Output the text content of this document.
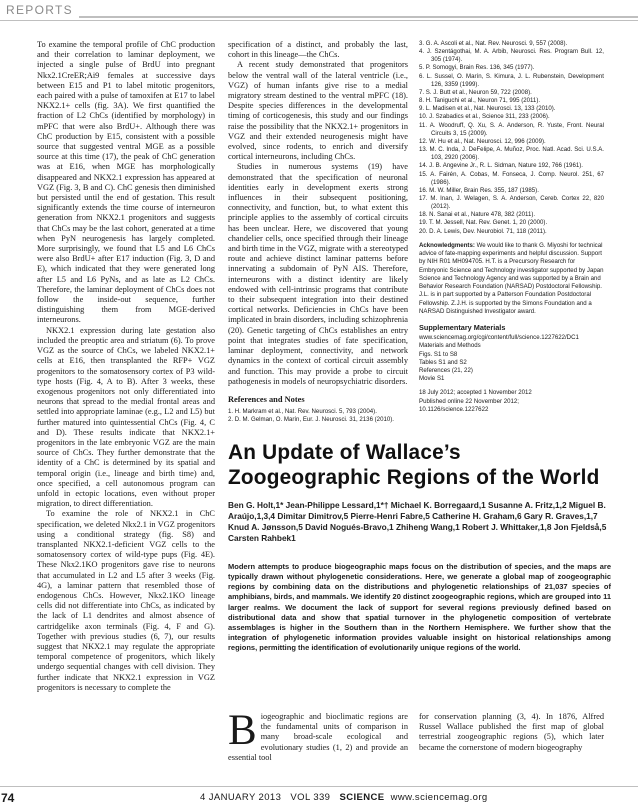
REPORTS

To examine the temporal profile of ChC production and their correlation to laminar deployment, we injected a single pulse of BrdU into pregnant Nkx2.1CreER;Ai9 females at successive days between E15 and P1 to label mitotic progenitors, each paired with a pulse of tamoxifen at E17 to label NKX2.1+ cells (fig. 3A). We first quantified the fraction of L2 ChCs (identified by morphology) in mPFC that were also BrdU+. Although there was ChC production by E15, consistent with a possible source that suggested ventral MGE as a possible source at this time (17), the peak of ChC generation was at E16, when MGE has morphologically disappeared and NKX2.1 expression has appeared at VGZ (Fig. 3, B and C). ChC genesis then diminished but persisted until the end of gestation. This result significantly extends the time course of interneuron generation from NKX2.1 progenitors and suggests that ChCs may be the last cohort, generated at a time when PyN neurogenesis has largely completed. More surprisingly, we found that L5 and L6 ChCs were also BrdU+ after E17 induction (Fig. 3, D and E), which indicated that they were generated long after L5 and L6 PyNs, and as late as L2 ChCs. Therefore, the laminar deployment of ChCs does not follow the inside-out sequence, further distinguishing them from MGE-derived interneurons.

NKX2.1 expression during late gestation also included the preoptic area and striatum (6). To prove VGZ as the source of ChCs, we labeled NKX2.1+ cells at E16, then transplanted the RFP+ VGZ progenitors to the somatosensory cortex of P3 wild-type hosts (Fig. 4, A to B). After 3 weeks, these exogenous progenitors not only differentiated into neurons that spread to the medial frontal areas and settled into appropriate laminae (e.g., L2 and L5) but further matured into quintessential ChCs (Fig. 4, C and D). These results indicate that NKX2.1+ progenitors in the late embryonic VGZ are the main source of ChCs. They further demonstrate that the identity of a ChC is determined by its spatial and temporal origin (i.e., lineage and birth time) and, once specified, a cell autonomous program can unfold in ectopic locations, even without proper migration, to direct differentiation.

To examine the role of NKX2.1 in ChC specification, we deleted Nkx2.1 in VGZ progenitors using a conditional strategy (fig. S8) and transplanted NKX2.1-deficient VGZ cells to the somatosensory cortex of wild-type pups (Fig. 4E). These Nkx2.1KO progenitors gave rise to neurons that accumulated in L2 and L5 after 3 weeks (Fig. 4G), a laminar pattern that resembled those of endogenous ChCs. However, Nkx2.1KO lineage cells did not differentiate into ChCs, as indicated by the lack of L1 dendrites and almost absence of cartridgelike axon terminals (Fig. 4, F and G). Together with previous studies (6, 7), our results suggest that NKX2.1 may regulate the appropriate temporal competence of progenitors, which likely undergo sequential changes with cell division. They further indicate that NKX2.1 expression in VGZ progenitors is necessary to complete the

specification of a distinct, and probably the last, cohort in this lineage—the ChCs.

A recent study demonstrated that progenitors below the ventral wall of the lateral ventricle (i.e., VGZ) of human infants give rise to a medial migratory stream destined to the ventral mPFC (18). Despite species differences in the developmental timing of corticogenesis, this study and our findings raise the possibility that the NKX2.1+ progenitors in VGZ and their extended neurogenesis might have evolved, since rodents, to enrich and diversify cortical interneurons, including ChCs.

Studies in numerous systems (19) have demonstrated that the specification of neuronal identities early in development exerts strong influences in their subsequent positioning, connectivity, and function, but, to what extent this principle applies to the assembly of cortical circuits has been unclear. Here, we discovered that young chandelier cells, once specified through their lineage and birth time in the VGZ, migrate with a stereotyped route and achieve distinct laminar patterns before innervating a subdomain of PyN AIS. Therefore, interneurons with a distinct identity are likely endowed with cell-intrinsic programs that contribute to their subsequent integration into their destined cortical networks. Deficiencies in ChCs have been implicated in brain disorders, including schizophrenia (20). Genetic targeting of ChCs establishes an entry point that integrates studies of fate specification, laminar deployment, connectivity, and network dynamics in the context of cortical circuit assembly and function. This may provide a probe to circuit pathogenesis in models of neuropsychiatric disorders.

References and Notes
1. H. Markram et al., Nat. Rev. Neurosci. 5, 793 (2004).
2. D. M. Gelman, O. Marín, Eur. J. Neurosci. 31, 2136 (2010).
3. G. A. Ascoli et al., Nat. Rev. Neurosci. 9, 557 (2008).
4. J. Szentágothai, M. A. Arbib, Neurosci. Res. Program Bull. 12, 305 (1974).
5. P. Somogyi, Brain Res. 136, 345 (1977).
6. L. Sussel, O. Marín, S. Kimura, J. L. Rubenstein, Development 126, 3359 (1999).
7. S. J. Butt et al., Neuron 59, 722 (2008).
8. H. Taniguchi et al., Neuron 71, 995 (2011).
9. L. Madisen et al., Nat. Neurosci. 13, 133 (2010).
10. J. Szabadics et al., Science 311, 233 (2006).
11. A. Woodruff, Q. Xu, S. A. Anderson, R. Yuste, Front. Neural Circuits 3, 15 (2009).
12. W. Hu et al., Nat. Neurosci. 12, 996 (2009).
13. M. C. Inda, J. DeFelipe, A. Muñoz, Proc. Natl. Acad. Sci. U.S.A. 103, 2920 (2006).
14. J. B. Angevine Jr., R. L. Sidman, Nature 192, 766 (1961).
15. A. Fairén, A. Cobas, M. Fonseca, J. Comp. Neurol. 251, 67 (1986).
16. M. W. Miller, Brain Res. 355, 187 (1985).
17. M. Inan, J. Welagen, S. A. Anderson, Cereb. Cortex 22, 820 (2012).
18. N. Sanai et al., Nature 478, 382 (2011).
19. T. M. Jessell, Nat. Rev. Genet. 1, 20 (2000).
20. D. A. Lewis, Dev. Neurobiol. 71, 118 (2011).
Acknowledgments: We would like to thank G. Miyoshi for technical advice of fate-mapping experiments and helpful discussion. Support by NIH R01 MH094705. H.T. is a Precursory Research for Embryonic Science and Technology investigator supported by Japan Science and Technology Agency and was supported by a Brain and Behavior Research Foundation (NARSAD) Postdoctoral Fellowship. J.L. is in part supported by a Patterson Foundation Postdoctoral Fellowship. Z.J.H. is supported by the Simons Foundation and a NARSAD Distinguished Investigator award.
Supplementary Materials
www.sciencemag.org/cgi/content/full/science.1227622/DC1
Materials and Methods
Figs. S1 to S8
Tables S1 and S2
References (21, 22)
Movie S1
18 July 2012; accepted 1 November 2012
Published online 22 November 2012;
10.1126/science.1227622
An Update of Wallace’s
Zoogeographic Regions of the World
Ben G. Holt,1* Jean-Philippe Lessard,1*† Michael K. Borregaard,1 Susanne A. Fritz,1,2 Miguel B. Araújo,1,3,4 Dimitar Dimitrov,5 Pierre-Henri Fabre,5 Catherine H. Graham,6 Gary R. Graves,1,7 Knud A. Jønsson,5 David Nogués-Bravo,1 Zhiheng Wang,1 Robert J. Whittaker,1,8 Jon Fjeldså,5 Carsten Rahbek1
Modern attempts to produce biogeographic maps focus on the distribution of species, and the maps are typically drawn without phylogenetic considerations. Here, we generate a global map of zoogeographic regions by combining data on the distributions and phylogenetic relationships of 21,037 species of amphibians, birds, and mammals. We identify 20 distinct zoogeographic regions, which are grouped into 11 larger realms. We document the lack of support for several regions previously defined based on distributional data and show that spatial turnover in the phylogenetic composition of vertebrate assemblages is higher in the Southern than in the Northern Hemisphere. We further show that the integration of phylogenetic information provides valuable insight on historical relationships among regions, permitting the identification of evolutionarily unique regions of the world.
Biogeographic and bioclimatic regions are the fundamental units of comparison in many broad-scale ecological and evolutionary studies (1, 2) and provide an essential tool
for conservation planning (3, 4). In 1876, Alfred Russel Wallace published the first map of global terrestrial zoogeographic regions (5), which later became the cornerstone of modern biogeography
74	4 JANUARY 2013 VOL 339 SCIENCE www.sciencemag.org
